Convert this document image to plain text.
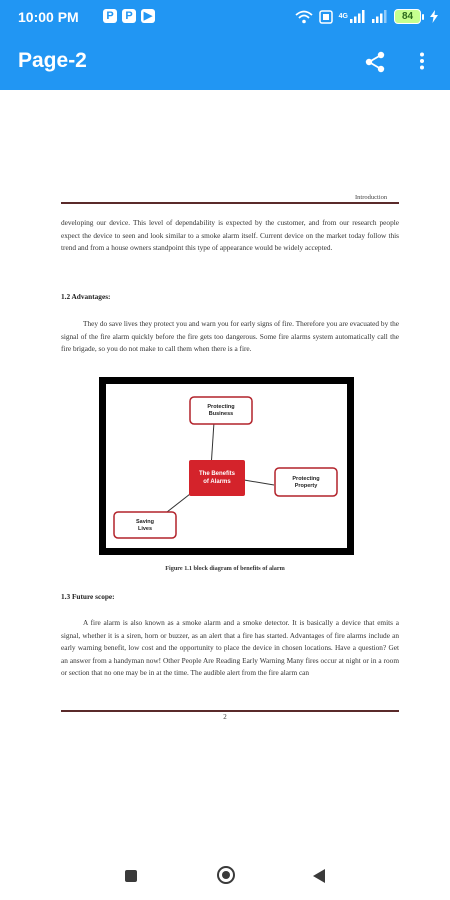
10:00 PM	P	P	▶	4G	84
Page-2
Introduction

developing our device. This level of dependability is expected by the customer, and from our research people expect the device to seen and look similar to a smoke alarm itself. Current device on the market today follow this trend and from a house owners standpoint this type of appearance would be widely accepted.

1.2 Advantages:

They do save lives they protect you and warn you for early signs of fire. Therefore you are evacuated by the signal of the fire alarm quickly before the fire gets too dangerous. Some fire alarms system automatically call the fire brigade, so you do not make to call them when there is a fire.

Protecting
Business
The Benefits
of Alarms	Protecting
Property
Saving
Lives
Figure 1.1 block diagram of benefits of alarm
1.3 Future scope:

A fire alarm is also known as a smoke alarm and a smoke detector. It is basically a device that emits a signal, whether it is a siren, horn or buzzer, as an alert that a fire has started. Advantages of fire alarms include an early warning benefit, low cost and the opportunity to place the device in chosen locations. Have a question? Get an answer from a handyman now! Other People Are Reading Early Warning Many fires occur at night or in a room or section that no one may be in at the time. The audible alert from the fire alarm can

2
